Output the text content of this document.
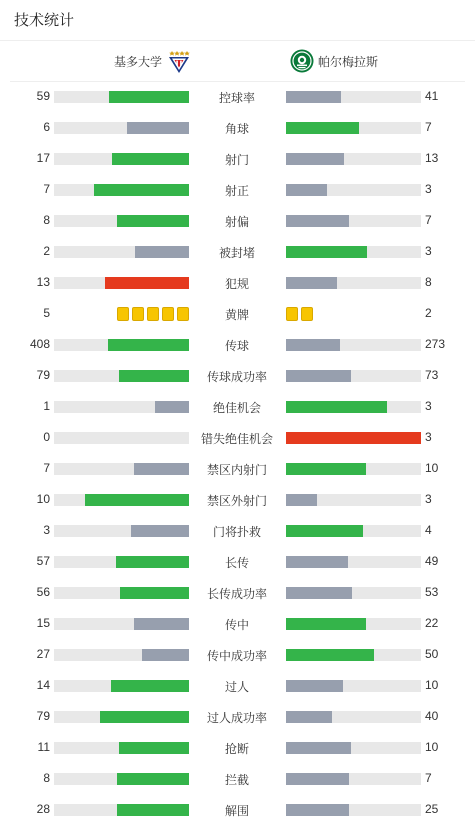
技术统计
基多大学	帕尔梅拉斯
59	控球率	41
6	角球	7
17	射门	13
7	射正	3
8	射偏	7
2	被封堵	3
13	犯规	8
5	黄牌	2
408	传球	273
79	传球成功率	73
1	绝佳机会	3
0	错失绝佳机会	3
7	禁区内射门	10
10	禁区外射门	3
3	门将扑救	4
57	长传	49
56	长传成功率	53
15	传中	22
27	传中成功率	50
14	过人	10
79	过人成功率	40
11	抢断	10
8	拦截	7
28	解围	25
